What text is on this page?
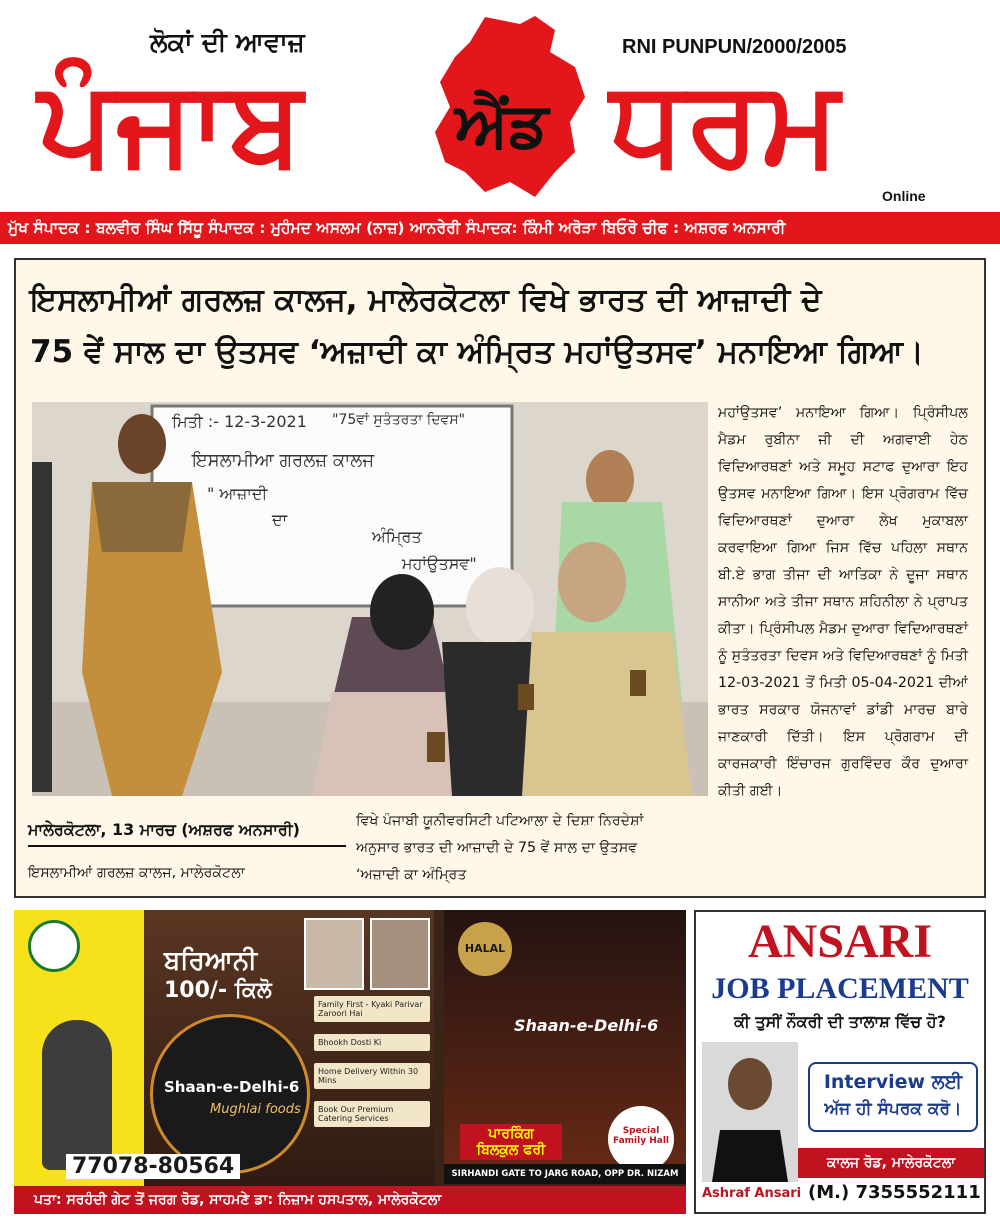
ਲੋਕਾਂ ਦੀ ਆਵਾਜ਼
ਪੰਜਾਬ ਐਂਡ ਧਰਮ
RNI PUNPUN/2000/2005
Online
ਮੁੱਖ ਸੰਪਾਦਕ : ਬਲਵੀਰ ਸਿੰਘ ਸਿੱਧੂ ਸੰਪਾਦਕ : ਮੁਹੰਮਦ ਅਸਲਮ (ਨਾਜ਼) ਆਨਰੇਰੀ ਸੰਪਾਦਕ: ਕਿੰਮੀ ਅਰੋੜਾ ਬਿਓਰੋ ਚੀਫ : ਅਸ਼ਰਫ ਅਨਸਾਰੀ
ਇਸਲਾਮੀਆਂ ਗਰਲਜ਼ ਕਾਲਜ, ਮਾਲੇਰਕੋਟਲਾ ਵਿਖੇ ਭਾਰਤ ਦੀ ਆਜ਼ਾਦੀ ਦੇ
75 ਵੇਂ ਸਾਲ ਦਾ ਉਤਸਵ ‘ਅਜ਼ਾਦੀ ਕਾ ਅੰਮ੍ਰਿਤ ਮਹਾਂਉਤਸਵ’ ਮਨਾਇਆ ਗਿਆ।
ਮਿਤੀ :- 12-3-2021 "75ਵਾਂ ਸੁਤੰਤਰਤਾ ਦਿਵਸ"
ਇਸਲਾਮੀਆ ਗਰਲਜ਼ ਕਾਲਜ
" ਆਜ਼ਾਦੀ
ਦਾ
ਅੰਮ੍ਰਿਤ
ਮਹਾਂਉਤਸਵ"
ਮਹਾਂਉਤਸਵ’ ਮਨਾਇਆ ਗਿਆ। ਪ੍ਰਿੰਸੀਪਲ ਮੈਡਮ ਰੁਬੀਨਾ ਜੀ ਦੀ ਅਗਵਾਈ ਹੇਠ ਵਿਦਿਆਰਥਣਾਂ ਅਤੇ ਸਮੂਹ ਸਟਾਫ ਦੁਆਰਾ ਇਹ ਉਤਸਵ ਮਨਾਇਆ ਗਿਆ। ਇਸ ਪ੍ਰੋਗਰਾਮ ਵਿੱਚ ਵਿਦਿਆਰਥਣਾਂ ਦੁਆਰਾ ਲੇਖ ਮੁਕਾਬਲਾ ਕਰਵਾਇਆ ਗਿਆ ਜਿਸ ਵਿੱਚ ਪਹਿਲਾ ਸਥਾਨ ਬੀ.ਏ ਭਾਗ ਤੀਜਾ ਦੀ ਆਤਿਕਾ ਨੇ ਦੂਜਾ ਸਥਾਨ ਸਾਨੀਆ ਅਤੇ ਤੀਜਾ ਸਥਾਨ ਸ਼ਹਿਨੀਲਾ ਨੇ ਪ੍ਰਾਪਤ ਕੀਤਾ। ਪ੍ਰਿੰਸੀਪਲ ਮੈਡਮ ਦੁਆਰਾ ਵਿਦਿਆਰਥਣਾਂ ਨੂੰ ਸੁਤੰਤਰਤਾ ਦਿਵਸ ਅਤੇ ਵਿਦਿਆਰਥਣਾਂ ਨੂੰ ਮਿਤੀ 12-03-2021 ਤੋਂ ਮਿਤੀ 05-04-2021 ਦੀਆਂ ਭਾਰਤ ਸਰਕਾਰ ਯੋਜਨਾਵਾਂ ਡਾਂਡੀ ਮਾਰਚ ਬਾਰੇ ਜਾਣਕਾਰੀ ਦਿੱਤੀ। ਇਸ ਪ੍ਰੋਗਰਾਮ ਦੀ ਕਾਰਜਕਾਰੀ ਇੰਚਾਰਜ ਗੁਰਵਿੰਦਰ ਕੌਰ ਦੁਆਰਾ ਕੀਤੀ ਗਈ।
ਮਾਲੇਰਕੋਟਲਾ, 13 ਮਾਰਚ (ਅਸ਼ਰਫ ਅਨਸਾਰੀ)
ਇਸਲਾਮੀਆਂ ਗਰਲਜ਼ ਕਾਲਜ, ਮਾਲੇਰਕੋਟਲਾ
ਵਿਖੇ ਪੰਜਾਬੀ ਯੂਨੀਵਰਸਿਟੀ ਪਟਿਆਲਾ ਦੇ ਦਿਸ਼ਾ ਨਿਰਦੇਸ਼ਾਂ ਅਨੁਸਾਰ ਭਾਰਤ ਦੀ ਆਜ਼ਾਦੀ ਦੇ 75 ਵੇਂ ਸਾਲ ਦਾ ਉਤਸਵ ‘ਅਜ਼ਾਦੀ ਕਾ ਅੰਮ੍ਰਿਤ
ਬਰਿਆਨੀ
100/- ਕਿਲੋ
Shaan-e-Delhi-6
Mughlai foods
Family First - Kyaki Parivar Zaroori Hai
Bhookh Dosti Ki
Home Delivery Within 30 Mins
Book Our Premium Catering Services
HALAL
Shaan-e-Delhi-6
ਪਾਰਕਿੰਗ ਬਿਲਕੁਲ ਫਰੀ
Special Family Hall
SIRHANDI GATE TO JARG ROAD, OPP DR. NIZAM
77078-80564
ਪਤਾ: ਸਰਹੰਦੀ ਗੇਟ ਤੋਂ ਜਰਗ ਰੋਡ, ਸਾਹਮਣੇ ਡਾ: ਨਿਜ਼ਾਮ ਹਸਪਤਾਲ, ਮਾਲੇਰਕੋਟਲਾ
ANSARI
JOB PLACEMENT
ਕੀ ਤੁਸੀਂ ਨੌਕਰੀ ਦੀ ਤਾਲਾਸ਼ ਵਿੱਚ ਹੋ?
Interview ਲਈ
ਅੱਜ ਹੀ ਸੰਪਰਕ ਕਰੋ।
ਕਾਲਜ ਰੋਡ, ਮਾਲੇਰਕੋਟਲਾ
Ashraf Ansari (M.) 7355552111
